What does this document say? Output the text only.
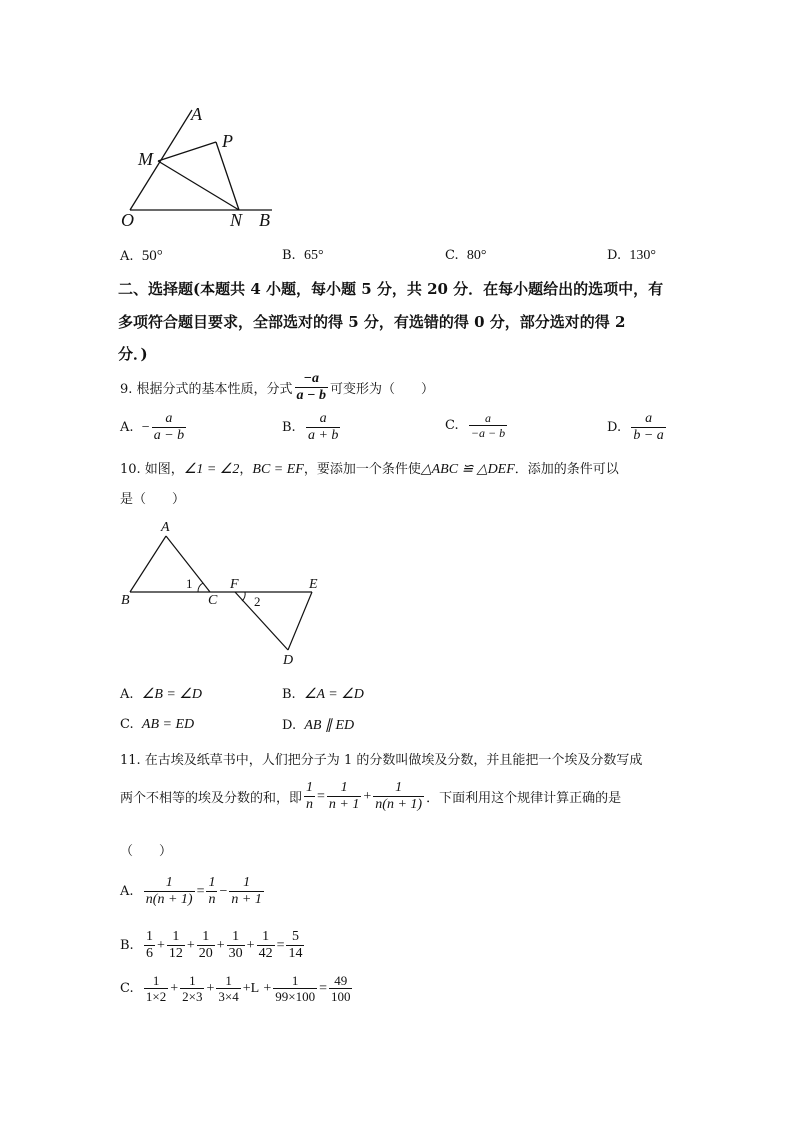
A
P
M
O	N B
A. 50°	B. 65°	C. 80°	D. 130°
二、选择题(本题共 4 小题，每小题 5 分，共 20 分．在每小题给出的选项中，有
多项符合题目要求，全部选对的得 5 分，有选错的得 0 分，部分选对的得 2
分．)
9. 根据分式的基本性质，分式 $\frac{-a}{a - b}$ 可变形为（　　）
A.
− $\frac{a}{a - b}$	B.
$\frac{a}{a + b}$	C.
$\frac{a}{-a - b}$	D.
$\frac{a}{b - a}$
10. 如图，∠1 = ∠2，BC = EF，要添加一个条件使△ABC ≌ △DEF．添加的条件可以
是（　　）
A
B	C
F	E
D
1
2
A. ∠B = ∠D	B. ∠A = ∠D
C. AB = ED	D. AB ∥ ED
11. 在古埃及纸草书中，人们把分子为 1 的分数叫做埃及分数，并且能把一个埃及分数写成
两个不相等的埃及分数的和，即 $\frac{1}{n} = \frac{1}{n + 1} + \frac{1}{n(n + 1)}$ ．下面利用这个规律计算正确的是
（　　）
A.
$\frac{1}{n(n + 1)} = \frac{1}{n} - \frac{1}{n + 1}$
B.
$\frac{1}{6} + \frac{1}{12} + \frac{1}{20} + \frac{1}{30} + \frac{1}{42} = \frac{5}{14}$
C.
$\frac{1}{1\times 2} + \frac{1}{2\times 3} + \frac{1}{3\times 4} +L$
+ $\frac{1}{99\times 100} = \frac{49}{100}$
